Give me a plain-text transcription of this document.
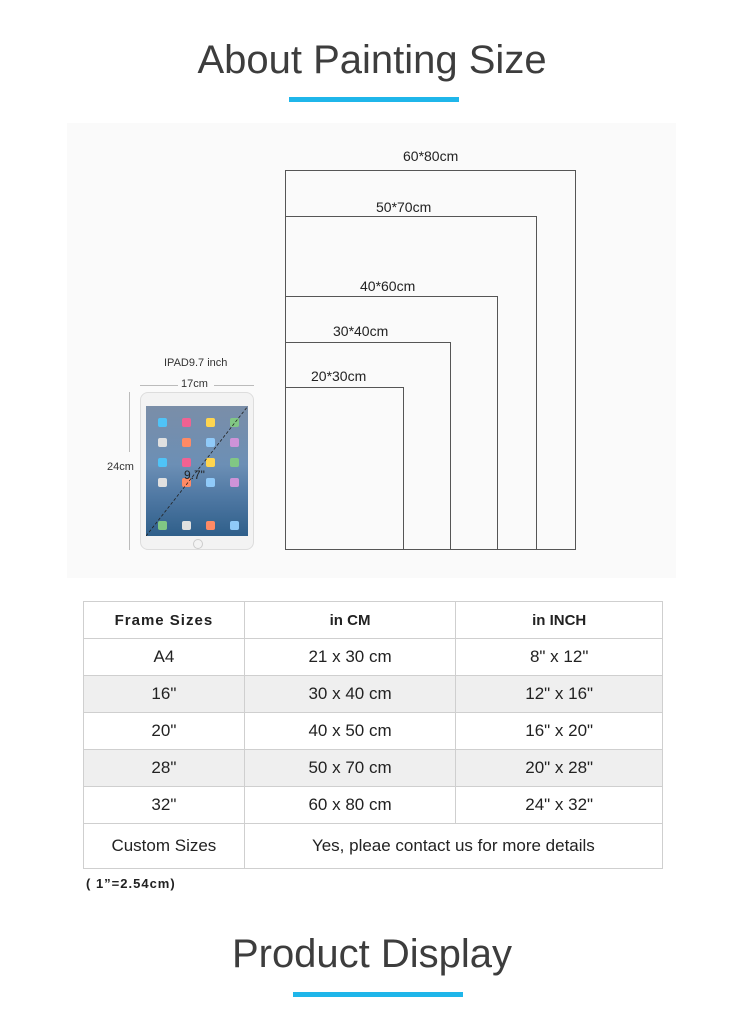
About Painting Size
60*80cm
50*70cm
40*60cm
30*40cm
20*30cm
IPAD9.7 inch
17cm
24cm
9.7"
Frame Sizes	in CM	in INCH
A4	21 x 30 cm	8" x 12"
16"	30 x 40 cm	12" x 16"
20"	40 x 50 cm	16" x 20"
28"	50 x 70 cm	20" x 28"
32"	60 x 80 cm	24" x 32"
Custom Sizes	Yes, pleae contact us for more details	
( 1”=2.54cm)
Product Display
